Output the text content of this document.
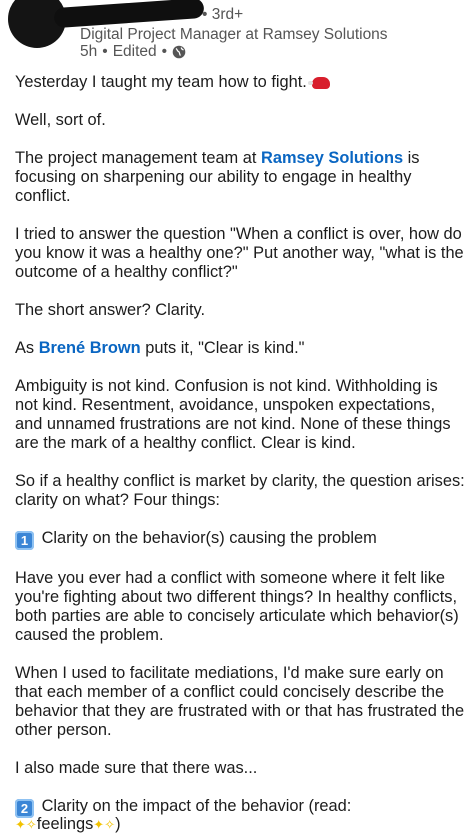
• 3rd+
Digital Project Manager at Ramsey Solutions
5h • Edited •

Yesterday I taught my team how to fight.

Well, sort of.

The project management team at Ramsey Solutions is focusing on sharpening our ability to engage in healthy conflict.

I tried to answer the question "When a conflict is over, how do you know it was a healthy one?" Put another way, "what is the outcome of a healthy conflict?"

The short answer? Clarity.

As Brené Brown puts it, "Clear is kind."

Ambiguity is not kind. Confusion is not kind. Withholding is not kind. Resentment, avoidance, unspoken expectations, and unnamed frustrations are not kind. None of these things are the mark of a healthy conflict. Clear is kind.

So if a healthy conflict is market by clarity, the question arises: clarity on what? Four things:

1 Clarity on the behavior(s) causing the problem

Have you ever had a conflict with someone where it felt like you're fighting about two different things? In healthy conflicts, both parties are able to concisely articulate which behavior(s) caused the problem.

When I used to facilitate mediations, I'd make sure early on that each member of a conflict could concisely describe the behavior that they are frustrated with or that has frustrated the other person.

I also made sure that there was...

2 Clarity on the impact of the behavior (read:

✦✧feelings✦✧)
